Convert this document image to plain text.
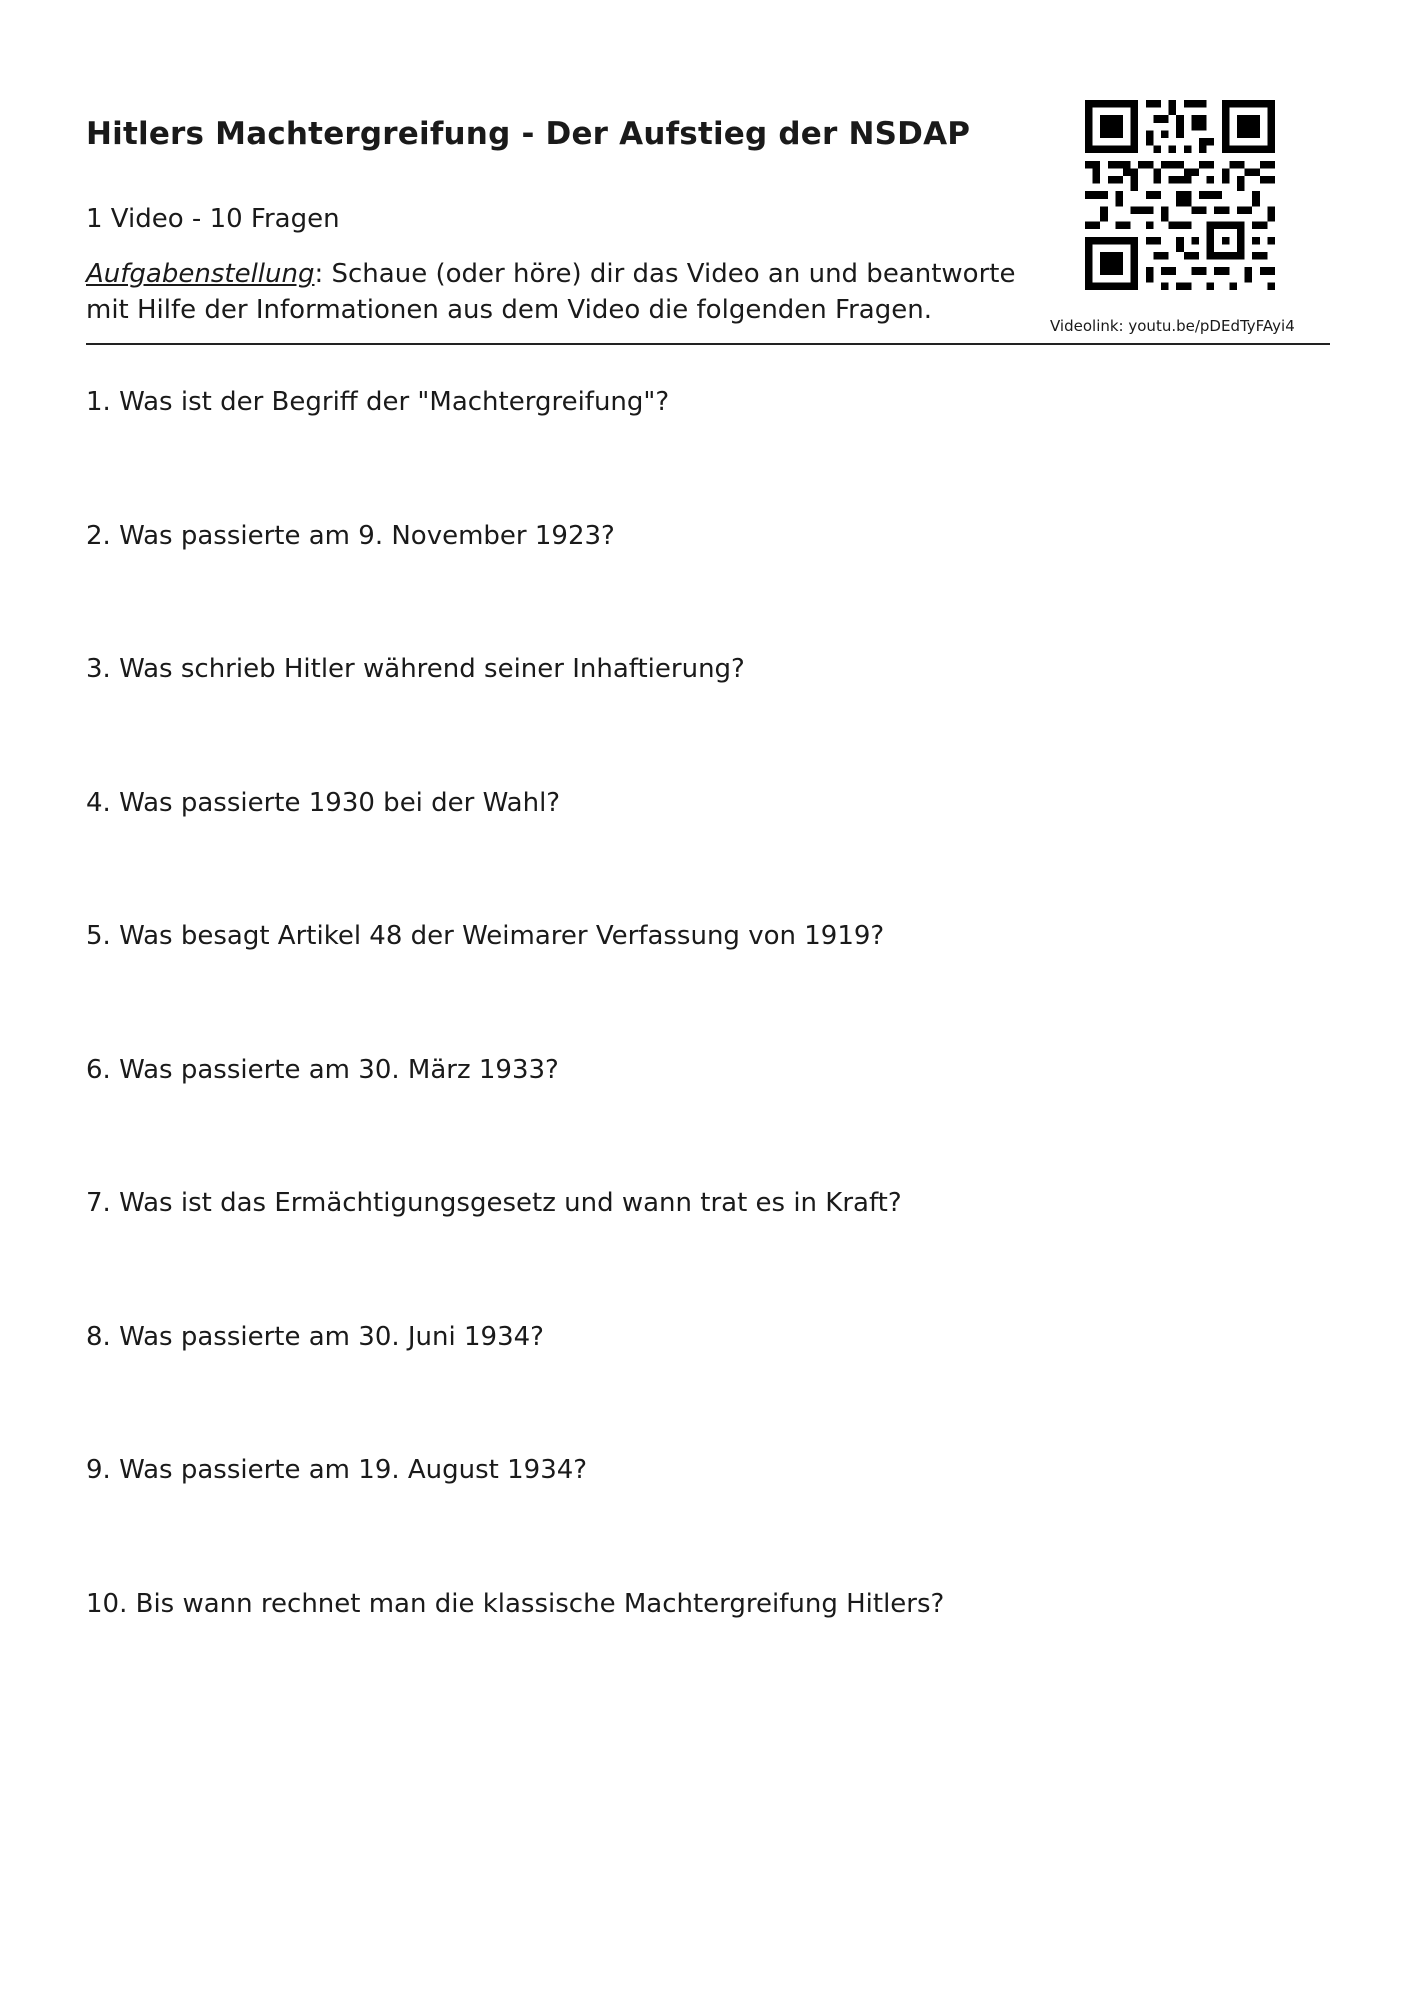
Hitlers Machtergreifung - Der Aufstieg der NSDAP
1 Video - 10 Fragen
Aufgabenstellung: Schaue (oder höre) dir das Video an und beantworte mit Hilfe der Informationen aus dem Video die folgenden Fragen.
Videolink: youtu.be/pDEdTyFAyi4
1. Was ist der Begriff der "Machtergreifung"?
2. Was passierte am 9. November 1923?
3. Was schrieb Hitler während seiner Inhaftierung?
4. Was passierte 1930 bei der Wahl?
5. Was besagt Artikel 48 der Weimarer Verfassung von 1919?
6. Was passierte am 30. März 1933?
7. Was ist das Ermächtigungsgesetz und wann trat es in Kraft?
8. Was passierte am 30. Juni 1934?
9. Was passierte am 19. August 1934?
10. Bis wann rechnet man die klassische Machtergreifung Hitlers?
